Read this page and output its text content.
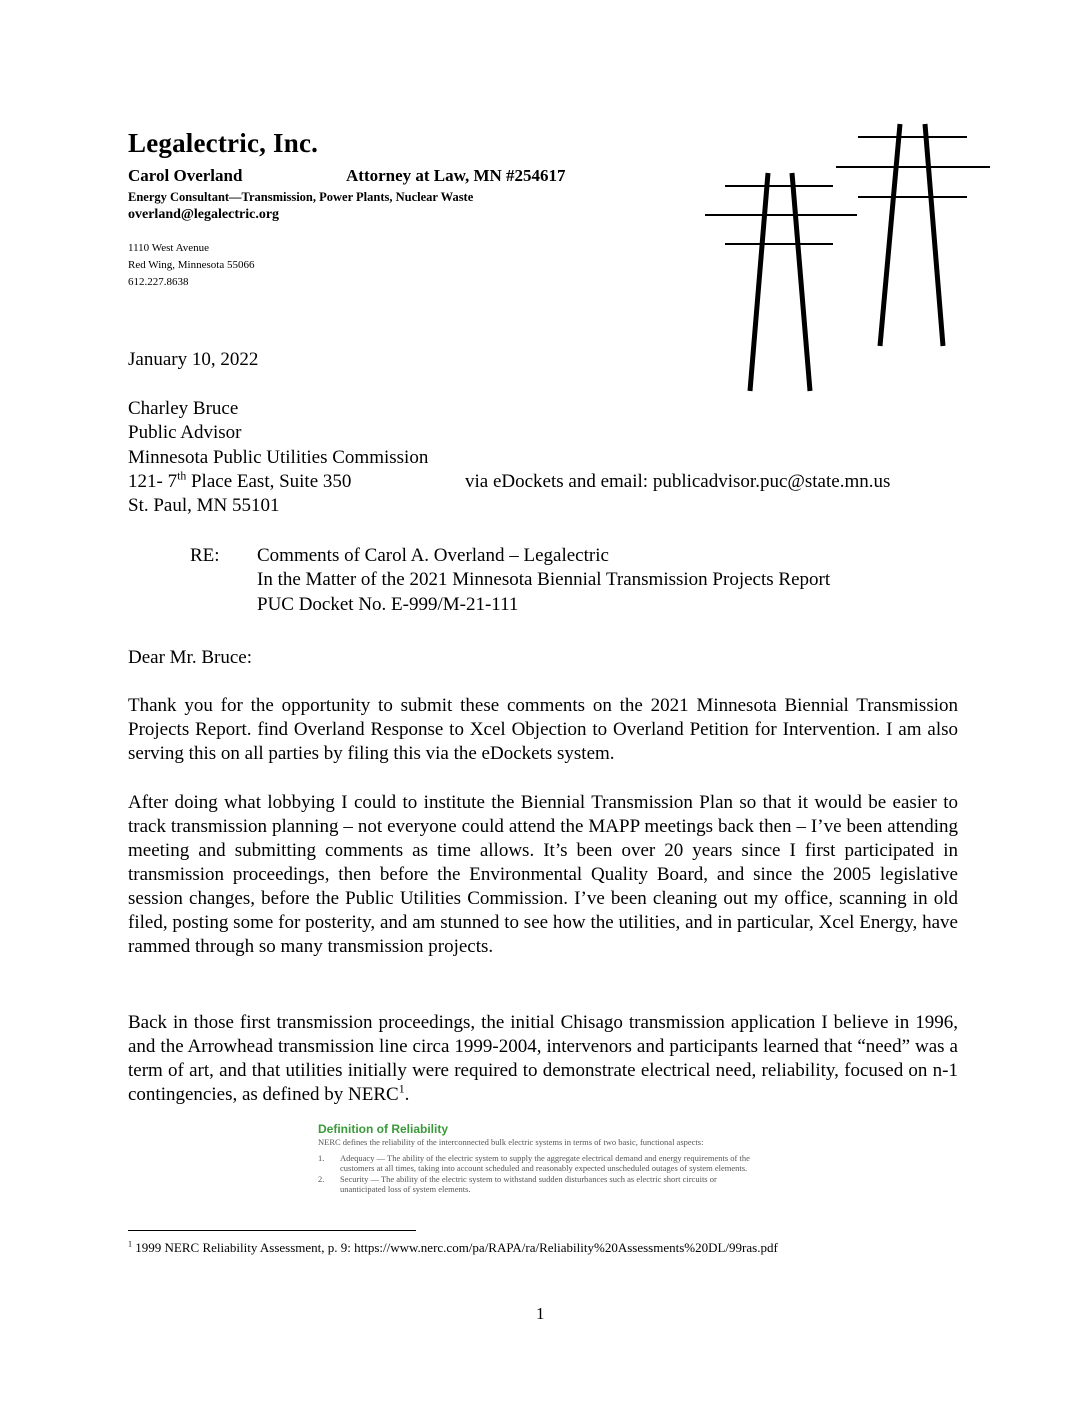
Legalectric, Inc.
Carol Overland	Attorney at Law, MN #254617
Energy Consultant—Transmission, Power Plants, Nuclear Waste
overland@legalectric.org
1110 West Avenue
Red Wing, Minnesota 55066
612.227.8638
January 10, 2022
Charley Bruce
Public Advisor
Minnesota Public Utilities Commission
121- 7th Place East, Suite 350	via eDockets and email: publicadvisor.puc@state.mn.us
St. Paul, MN 55101
RE: Comments of Carol A. Overland – Legalectric
In the Matter of the 2021 Minnesota Biennial Transmission Projects Report
PUC Docket No. E-999/M-21-111
Dear Mr. Bruce:
Thank you for the opportunity to submit these comments on the 2021 Minnesota Biennial Transmission Projects Report. find Overland Response to Xcel Objection to Overland Petition for Intervention. I am also serving this on all parties by filing this via the eDockets system.
After doing what lobbying I could to institute the Biennial Transmission Plan so that it would be easier to track transmission planning – not everyone could attend the MAPP meetings back then – I’ve been attending meeting and submitting comments as time allows. It’s been over 20 years since I first participated in transmission proceedings, then before the Environmental Quality Board, and since the 2005 legislative session changes, before the Public Utilities Commission. I’ve been cleaning out my office, scanning in old filed, posting some for posterity, and am stunned to see how the utilities, and in particular, Xcel Energy, have rammed through so many transmission projects.
Back in those first transmission proceedings, the initial Chisago transmission application I believe in 1996, and the Arrowhead transmission line circa 1999-2004, intervenors and participants learned that “need” was a term of art, and that utilities initially were required to demonstrate electrical need, reliability, focused on n-1 contingencies, as defined by NERC$^1$.
Definition of Reliability
NERC defines the reliability of the interconnected bulk electric systems in terms of two basic, functional aspects:
1.	Adequacy — The ability of the electric system to supply the aggregate electrical demand and energy requirements of the customers at all times, taking into account scheduled and reasonably expected unscheduled outages of system elements.
2.	Security — The ability of the electric system to withstand sudden disturbances such as electric short circuits or unanticipated loss of system elements.
$^1$ 1999 NERC Reliability Assessment, p. 9: https://www.nerc.com/pa/RAPA/ra/Reliability%20Assessments%20DL/99ras.pdf
1
